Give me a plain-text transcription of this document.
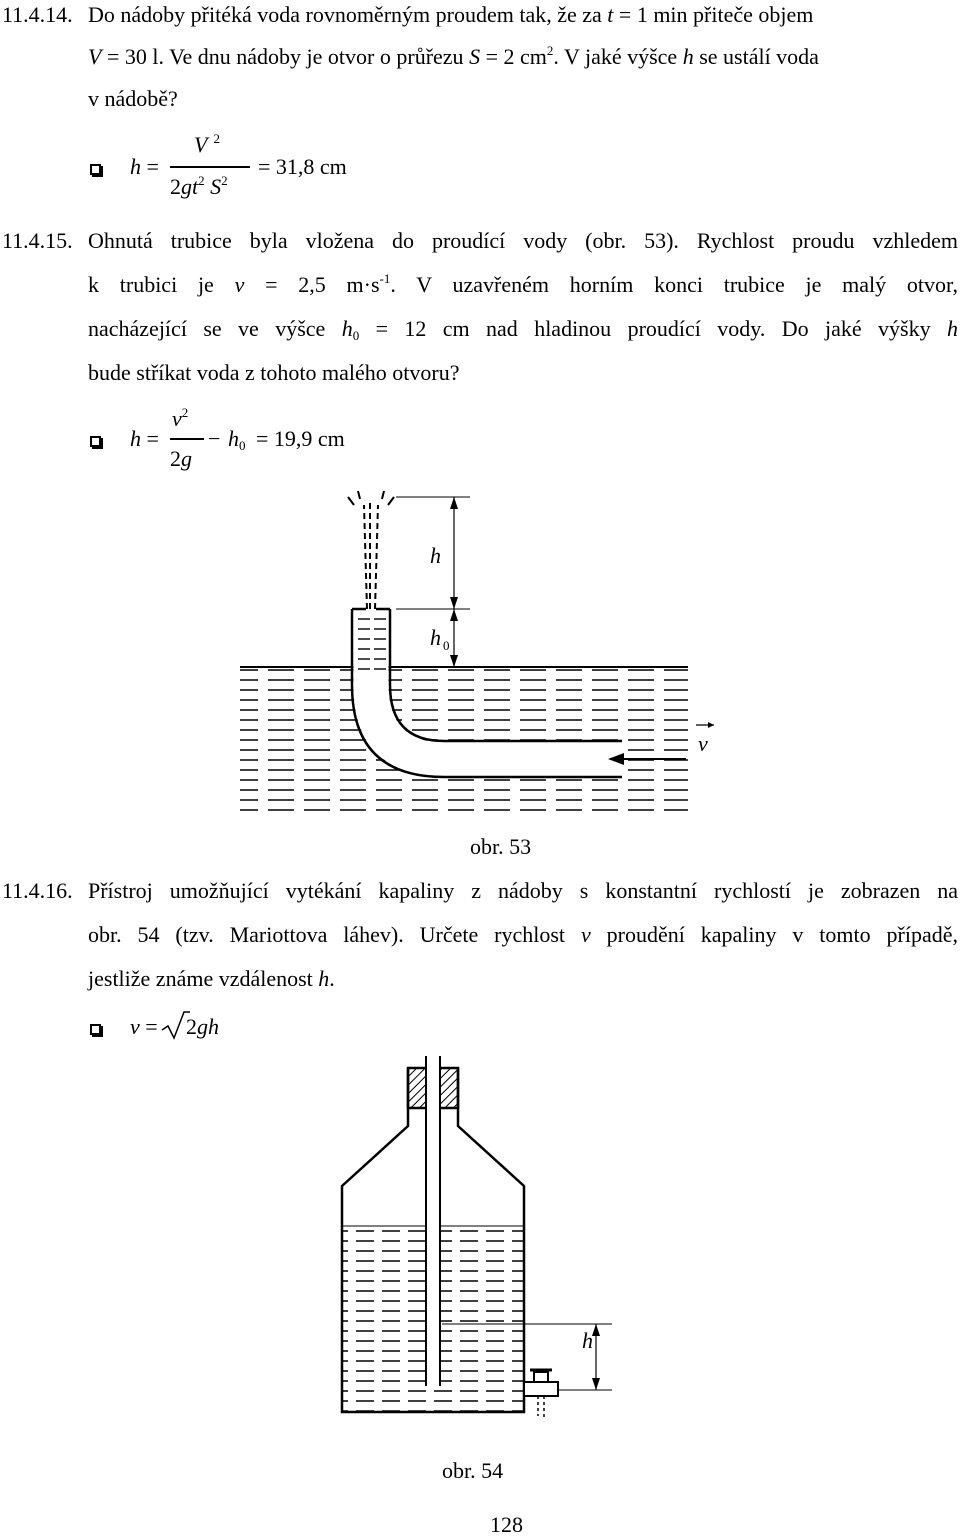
11.4.14. Do nádoby přitéká voda rovnoměrným proudem tak, že za t = 1 min přiteče objem
V = 30 l. Ve dnu nádoby je otvor o průřezu S = 2 $cm^2$. V jaké výšce h se ustálí voda
v nádobě?
h =
V $^2$
$2gt^2$ $S^2$
= 31,8 cm
11.4.15. Ohnutá trubice byla vložena do proudící vody (obr. 53). Rychlost proudu vzhledem
k trubici je v = 2,5 $m\cdot s^{-1}$. V uzavřeném horním konci trubice je malý otvor,
nacházející se ve výšce $h_0 = 12$ cm nad hladinou proudící vody. Do jaké výšky h
bude stříkat voda z tohoto malého otvoru?
h =
$v^2$
2g
− $h_0 = 19,9$ cm
h
h 0
v
obr. 53
11.4.16. Přístroj umožňující vytékání kapaliny z nádoby s konstantní rychlostí je zobrazen na
obr. 54 (tzv. Mariottova láhev). Určete rychlost v proudění kapaliny v tomto případě,
jestliže známe vzdálenost h.
v = 2gh
h
obr. 54
128
